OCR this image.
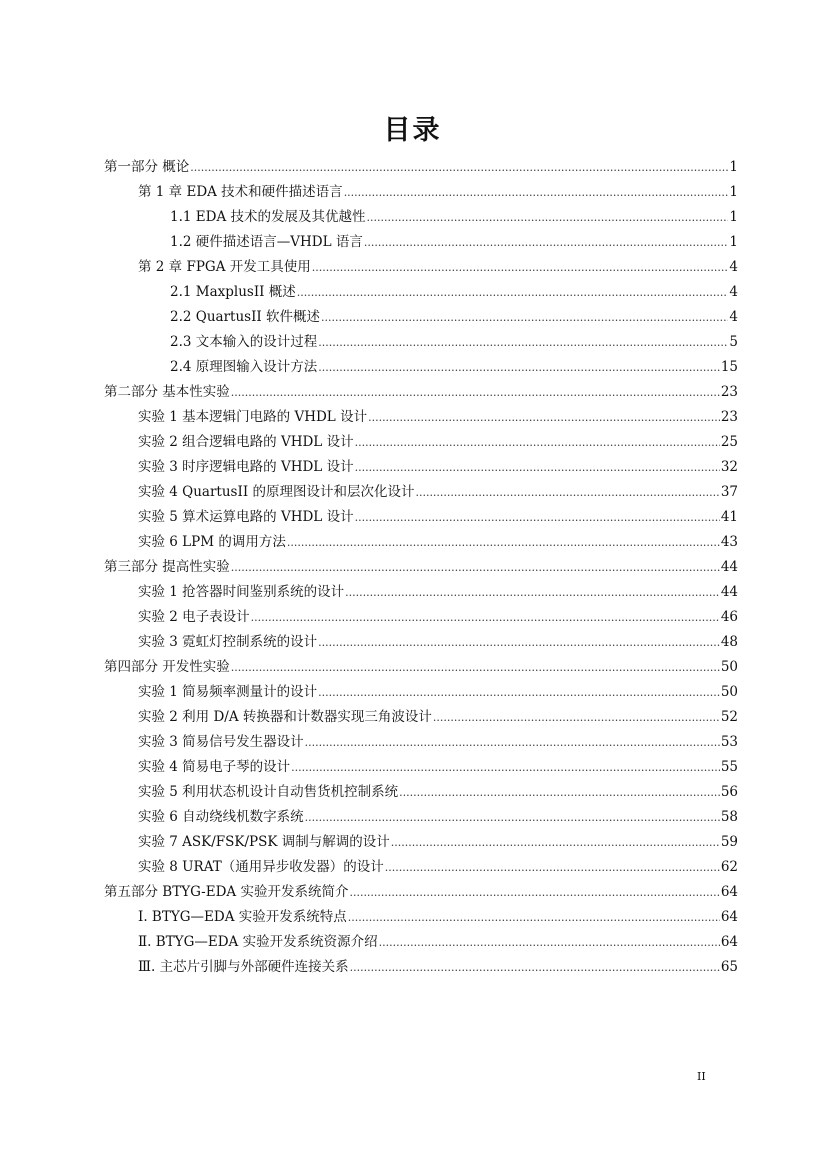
目录
第一部分 概论 .....	1
第 1 章 EDA 技术和硬件描述语言 .....	1
1.1 EDA 技术的发展及其优越性 .....	1
1.2 硬件描述语言—VHDL 语言 .....	1
第 2 章 FPGA 开发工具使用 .....	4
2.1 MaxplusII 概述 .....	4
2.2 QuartusII 软件概述 .....	4
2.3 文本输入的设计过程 .....	5
2.4 原理图输入设计方法 .....	15
第二部分 基本性实验 .....	23
实验 1 基本逻辑门电路的 VHDL 设计 .....	23
实验 2 组合逻辑电路的 VHDL 设计 .....	25
实验 3 时序逻辑电路的 VHDL 设计 .....	32
实验 4 QuartusII 的原理图设计和层次化设计 .....	37
实验 5 算术运算电路的 VHDL 设计 .....	41
实验 6 LPM 的调用方法 .....	43
第三部分 提高性实验 .....	44
实验 1 抢答器时间鉴别系统的设计 .....	44
实验 2 电子表设计 .....	46
实验 3 霓虹灯控制系统的设计 .....	48
第四部分 开发性实验 .....	50
实验 1 简易频率测量计的设计 .....	50
实验 2 利用 D/A 转换器和计数器实现三角波设计 .....	52
实验 3 简易信号发生器设计 .....	53
实验 4 简易电子琴的设计 .....	55
实验 5 利用状态机设计自动售货机控制系统 .....	56
实验 6 自动绕线机数字系统 .....	58
实验 7 ASK/FSK/PSK 调制与解调的设计 .....	59
实验 8 URAT（通用异步收发器）的设计 .....	62
第五部分 BTYG-EDA 实验开发系统简介 .....	64
Ⅰ. BTYG—EDA 实验开发系统特点 .....	64
Ⅱ. BTYG—EDA 实验开发系统资源介绍 .....	64
Ⅲ. 主芯片引脚与外部硬件连接关系 .....	65
II
